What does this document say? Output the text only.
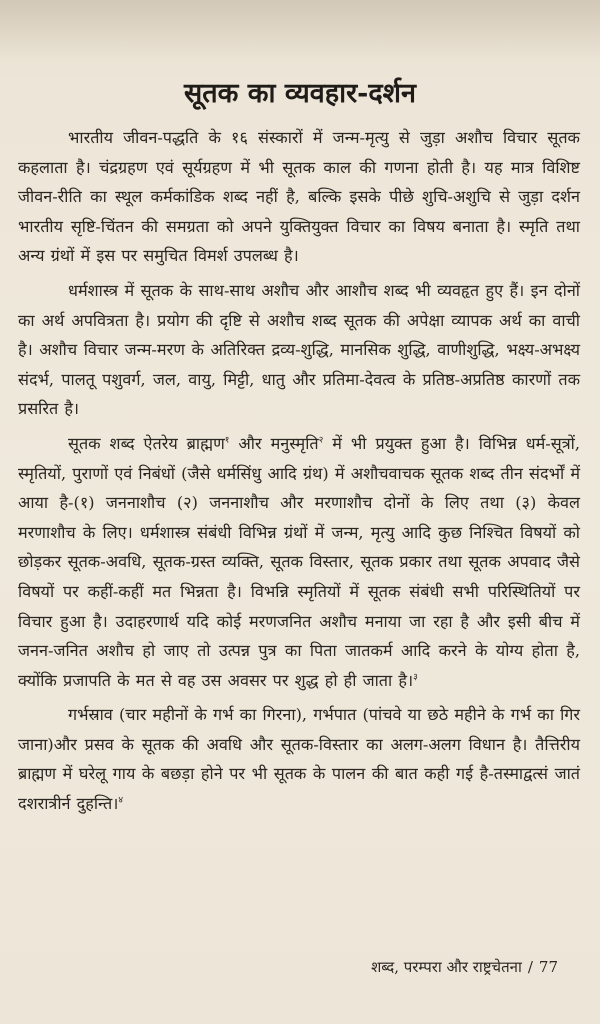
सूतक का व्यवहार-दर्शन

भारतीय जीवन-पद्धति के १६ संस्कारों में जन्म-मृत्यु से जुड़ा अशौच विचार सूतक कहलाता है। चंद्रग्रहण एवं सूर्यग्रहण में भी सूतक काल की गणना होती है। यह मात्र विशिष्ट जीवन-रीति का स्थूल कर्मकांडिक शब्द नहीं है, बल्कि इसके पीछे शुचि-अशुचि से जुड़ा दर्शन भारतीय सृष्टि-चिंतन की समग्रता को अपने युक्तियुक्त विचार का विषय बनाता है। स्मृति तथा अन्य ग्रंथों में इस पर समुचित विमर्श उपलब्ध है।

धर्मशास्त्र में सूतक के साथ-साथ अशौच और आशौच शब्द भी व्यवहृत हुए हैं। इन दोनों का अर्थ अपवित्रता है। प्रयोग की दृष्टि से अशौच शब्द सूतक की अपेक्षा व्यापक अर्थ का वाची है। अशौच विचार जन्म-मरण के अतिरिक्त द्रव्य-शुद्धि, मानसिक शुद्धि, वाणीशुद्धि, भक्ष्य-अभक्ष्य संदर्भ, पालतू पशुवर्ग, जल, वायु, मिट्टी, धातु और प्रतिमा-देवत्व के प्रतिष्ठ-अप्रतिष्ठ कारणों तक प्रसरित है।

सूतक शब्द ऐतरेय ब्राह्मण$^१$ और मनुस्मृति$^२$ में भी प्रयुक्त हुआ है। विभिन्न धर्म-सूत्रों, स्मृतियों, पुराणों एवं निबंधों (जैसे धर्मसिंधु आदि ग्रंथ) में अशौचवाचक सूतक शब्द तीन संदर्भों में आया है-(१) जननाशौच (२) जननाशौच और मरणाशौच दोनों के लिए तथा (३) केवल मरणाशौच के लिए। धर्मशास्त्र संबंधी विभिन्न ग्रंथों में जन्म, मृत्यु आदि कुछ निश्चित विषयों को छोड़कर सूतक-अवधि, सूतक-ग्रस्त व्यक्ति, सूतक विस्तार, सूतक प्रकार तथा सूतक अपवाद जैसे विषयों पर कहीं-कहीं मत भिन्नता है। विभन्नि स्मृतियों में सूतक संबंधी सभी परिस्थितियों पर विचार हुआ है। उदाहरणार्थ यदि कोई मरणजनित अशौच मनाया जा रहा है और इसी बीच में जनन-जनित अशौच हो जाए तो उत्पन्न पुत्र का पिता जातकर्म आदि करने के योग्य होता है, क्योंकि प्रजापति के मत से वह उस अवसर पर शुद्ध हो ही जाता है।$^३$

गर्भस्राव (चार महीनों के गर्भ का गिरना), गर्भपात (पांचवे या छठे महीने के गर्भ का गिर जाना)और प्रसव के सूतक की अवधि और सूतक-विस्तार का अलग-अलग विधान है। तैत्तिरीय ब्राह्मण में घरेलू गाय के बछड़ा होने पर भी सूतक के पालन की बात कही गई है-तस्माद्वत्सं जातं दशरात्रीर्न दुहन्ति।$^४$

शब्द, परम्परा और राष्ट्रचेतना / 77
